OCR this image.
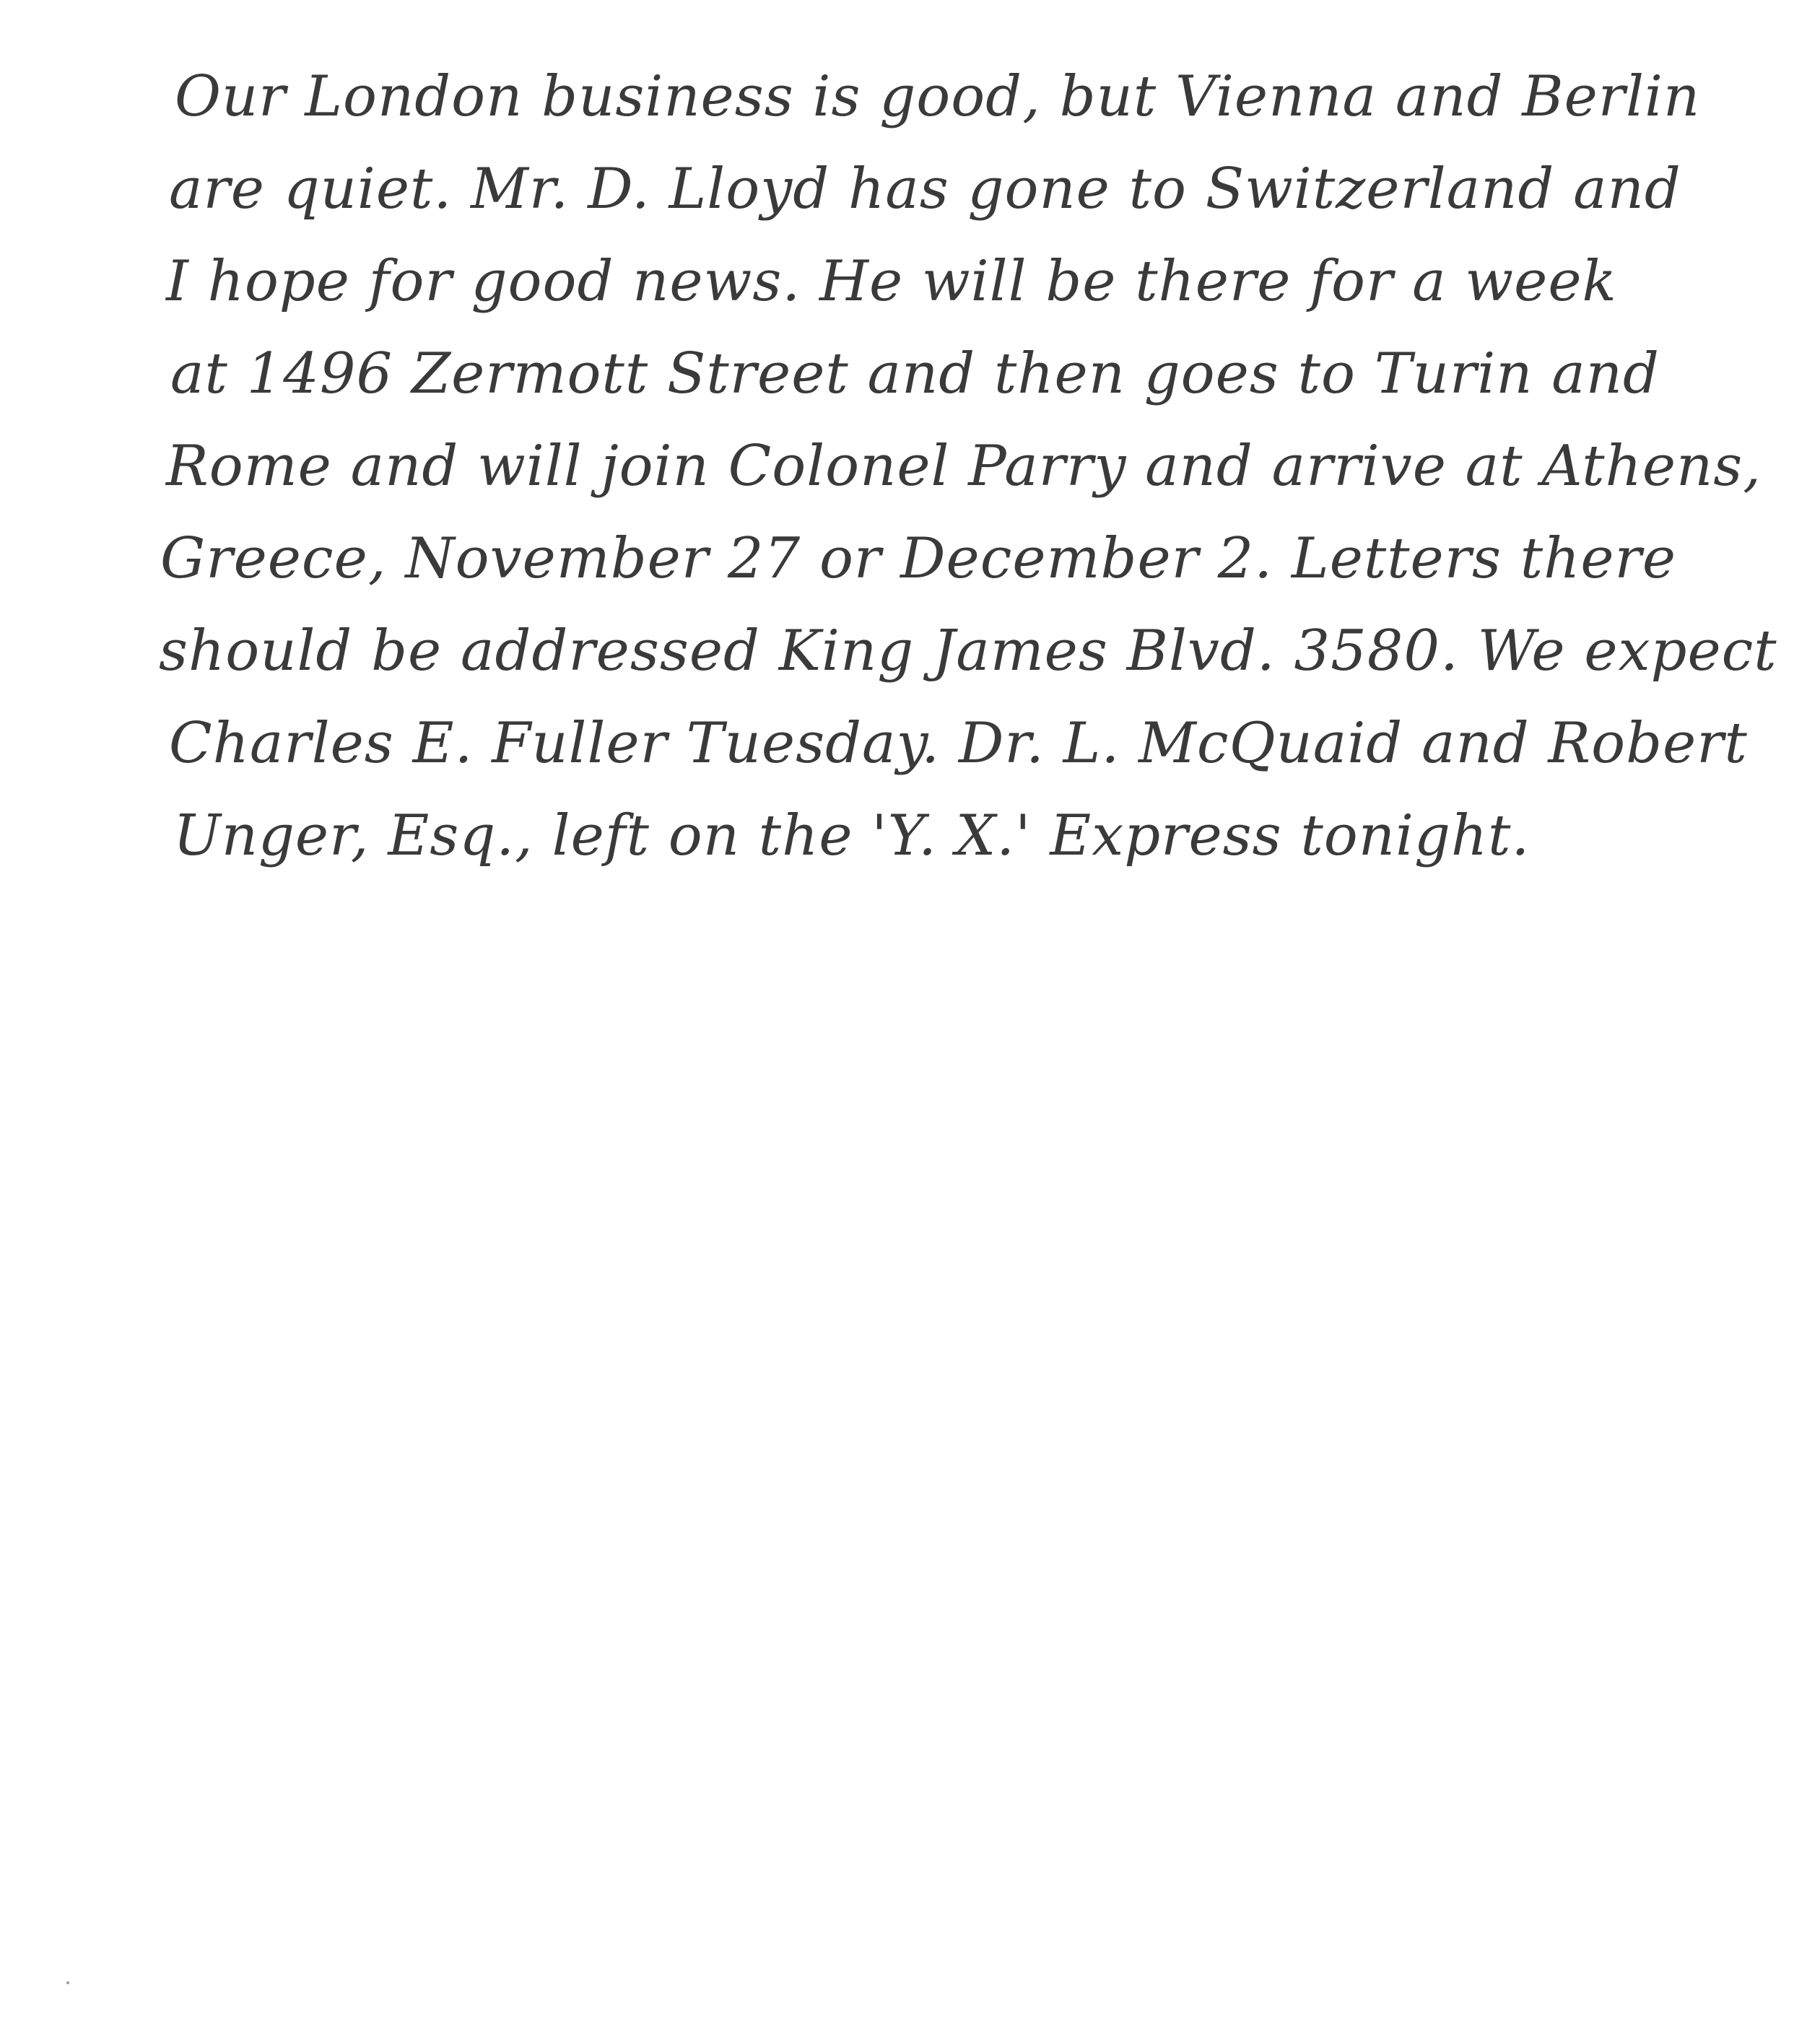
Our London business is good, but Vienna and Berlin
are quiet. Mr. D. Lloyd has gone to Switzerland and
I hope for good news. He will be there for a week
at 1496 Zermott Street and then goes to Turin and
Rome and will join Colonel Parry and arrive at Athens,
Greece, November 27 or December 2. Letters there
should be addressed King James Blvd. 3580. We expect
Charles E. Fuller Tuesday. Dr. L. McQuaid and Robert
Unger, Esq., left on the 'Y. X.' Express tonight.
